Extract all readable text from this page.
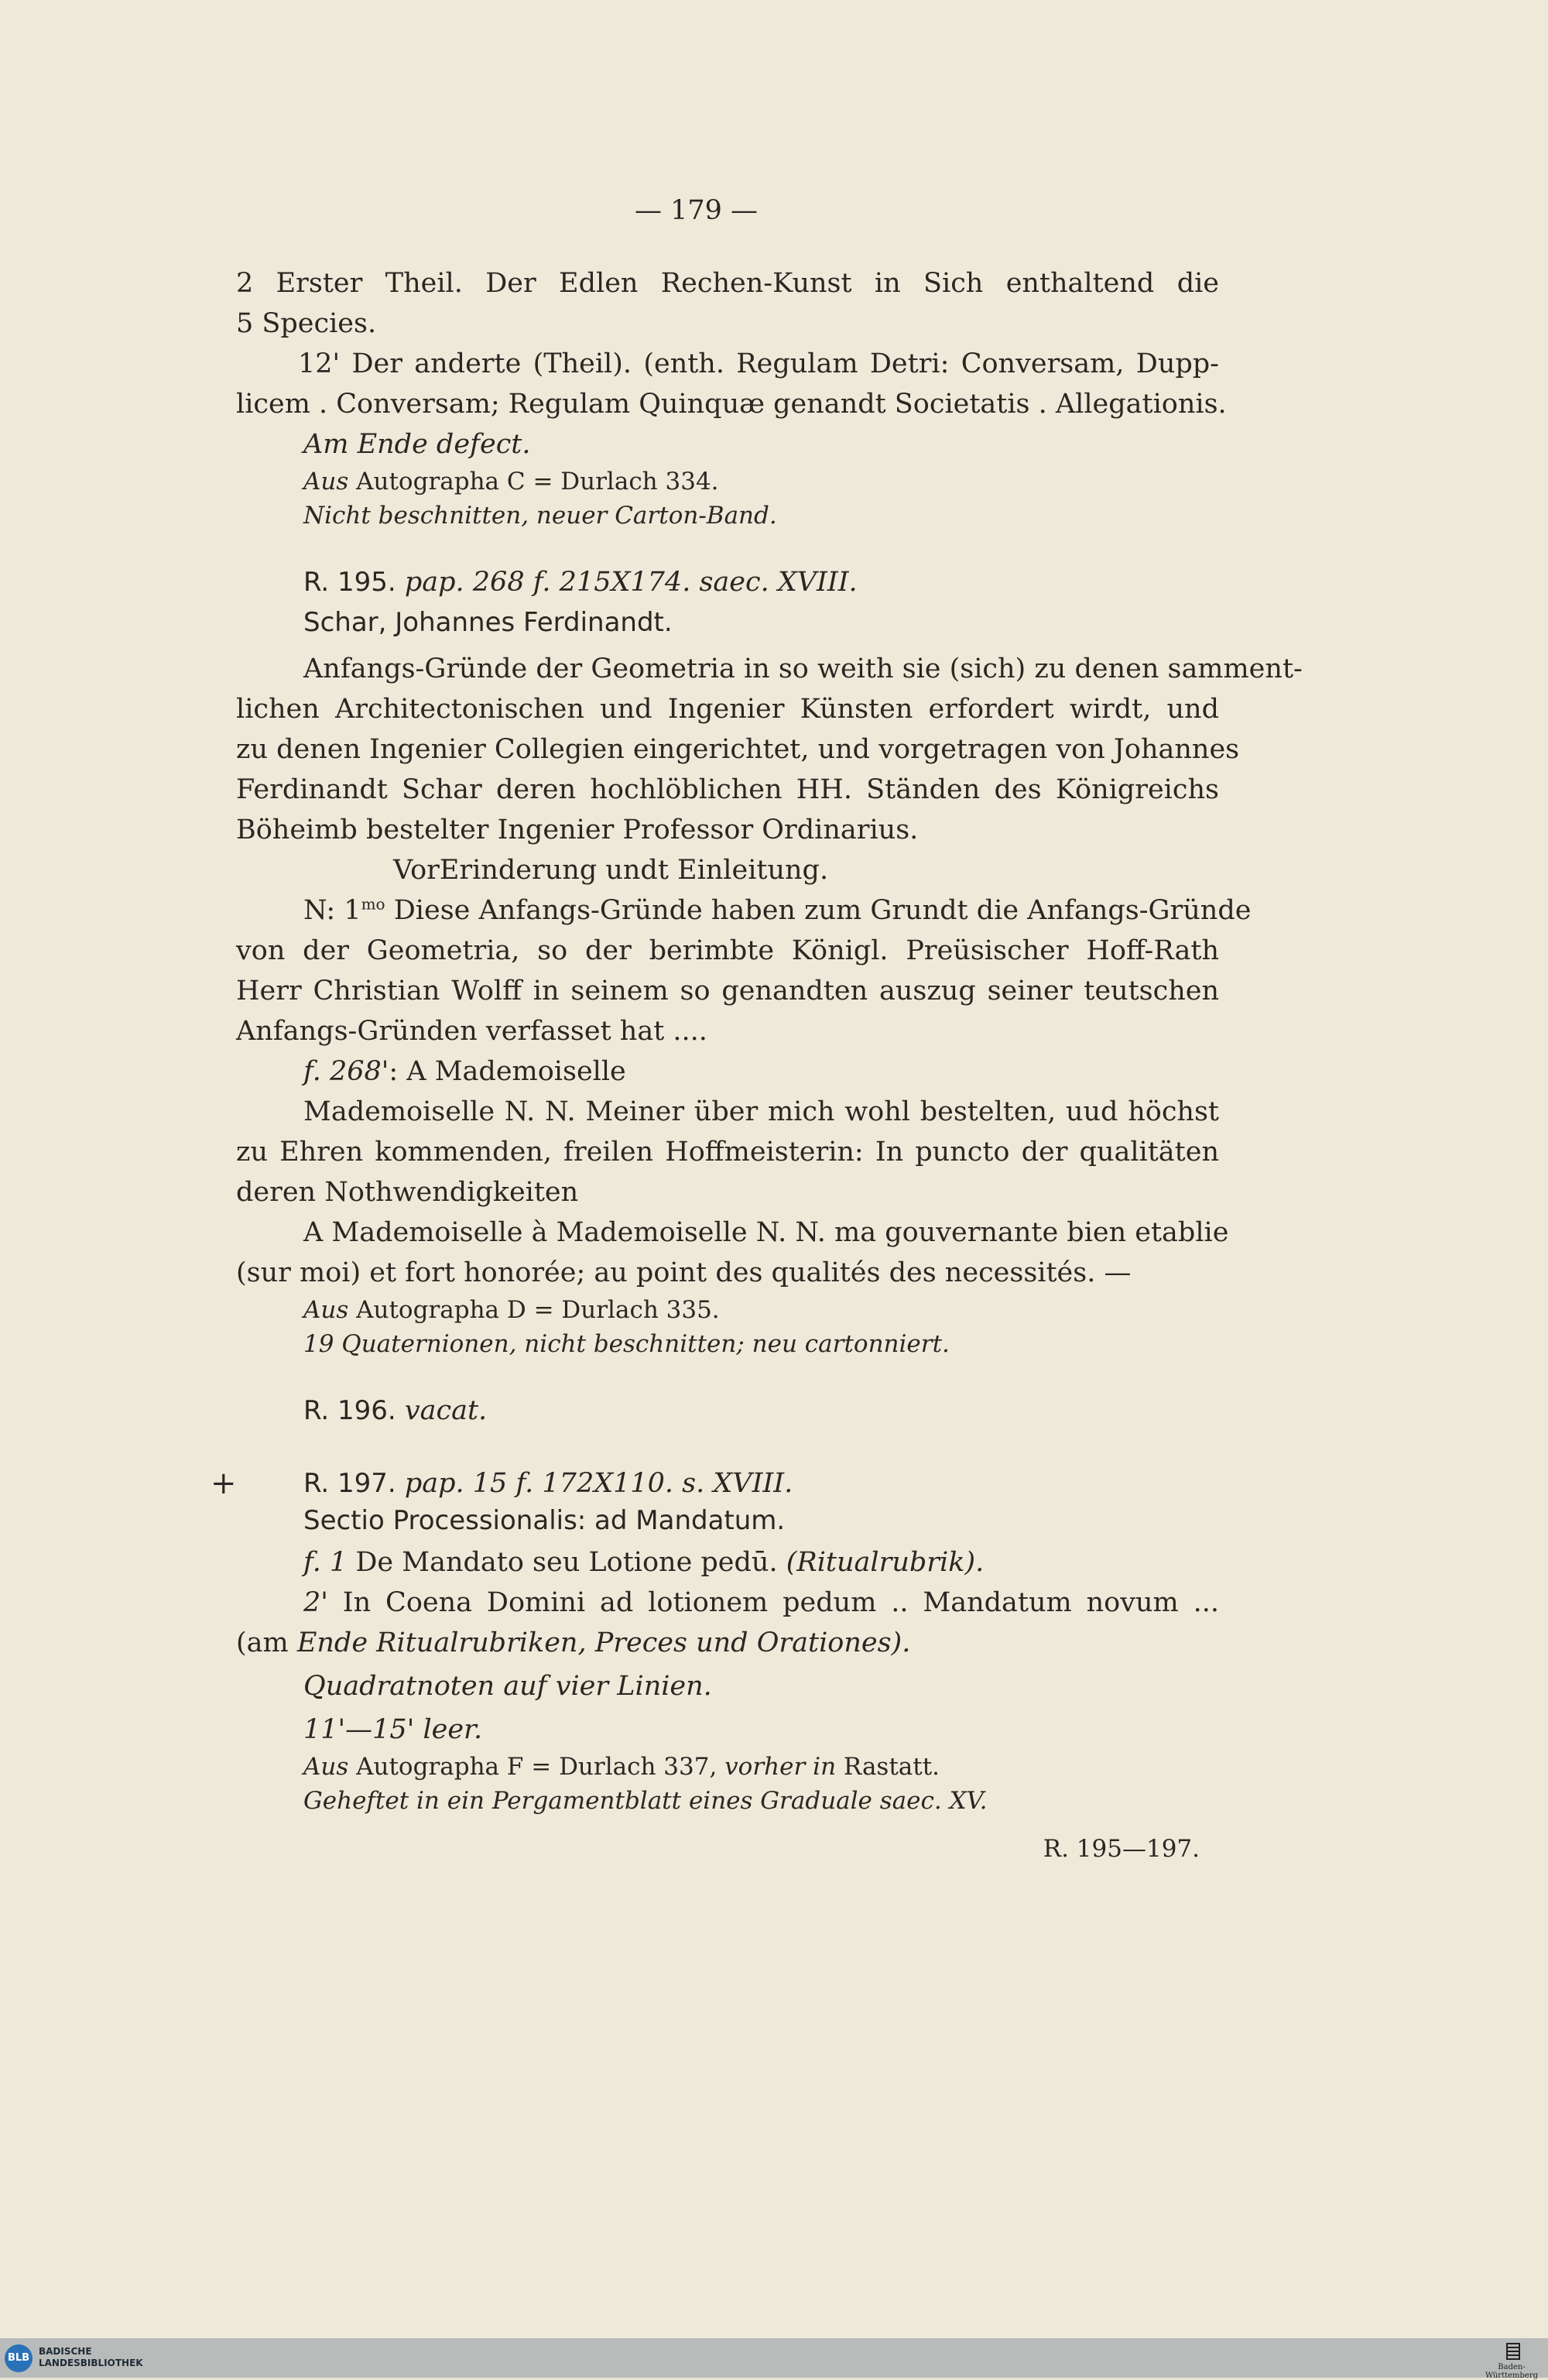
— 179 —
2 Erster Theil. Der Edlen Rechen-Kunst in Sich enthaltend die
5 Species.
12' Der anderte (Theil). (enth. Regulam Detri: Conversam, Dupp-
licem . Conversam; Regulam Quinquæ genandt Societatis . Allegationis.
Am Ende defect.
Aus Autographa C = Durlach 334.
Nicht beschnitten, neuer Carton-Band.
R. 195. pap. 268 f. 215X174. saec. XVIII.
Schar, Johannes Ferdinandt.
Anfangs-Gründe der Geometria in so weith sie (sich) zu denen samment-
lichen Architectonischen und Ingenier Künsten erfordert wirdt, und
zu denen Ingenier Collegien eingerichtet, und vorgetragen von Johannes
Ferdinandt Schar deren hochlöblichen HH. Ständen des Königreichs
Böheimb bestelter Ingenier Professor Ordinarius.
VorErinderung undt Einleitung.
N: $1^{mo}$ Diese Anfangs-Gründe haben zum Grundt die Anfangs-Gründe
von der Geometria, so der berimbte Königl. Preüsischer Hoff-Rath
Herr Christian Wolff in seinem so genandten auszug seiner teutschen
Anfangs-Gründen verfasset hat ....
f. 268': A Mademoiselle
Mademoiselle N. N. Meiner über mich wohl bestelten, uud höchst
zu Ehren kommenden, freilen Hoffmeisterin: In puncto der qualitäten
deren Nothwendigkeiten
A Mademoiselle à Mademoiselle N. N. ma gouvernante bien etablie
(sur moi) et fort honorée; au point des qualités des necessités. —
Aus Autographa D = Durlach 335.
19 Quaternionen, nicht beschnitten; neu cartonniert.
R. 196. vacat.
+	R. 197. pap. 15 f. 172X110. s. XVIII.
Sectio Processionalis: ad Mandatum.
f. 1 De Mandato seu Lotione pedū. (Ritualrubrik).
2' In Coena Domini ad lotionem pedum .. Mandatum novum ...
(am Ende Ritualrubriken, Preces und Orationes).
Quadratnoten auf vier Linien.
11'—15' leer.
Aus Autographa F = Durlach 337, vorher in Rastatt.
Geheftet in ein Pergamentblatt eines Graduale saec. XV.
R. 195—197.
BLB
BADISCHE
LANDESBIBLIOTHEK	Baden-Württemberg
